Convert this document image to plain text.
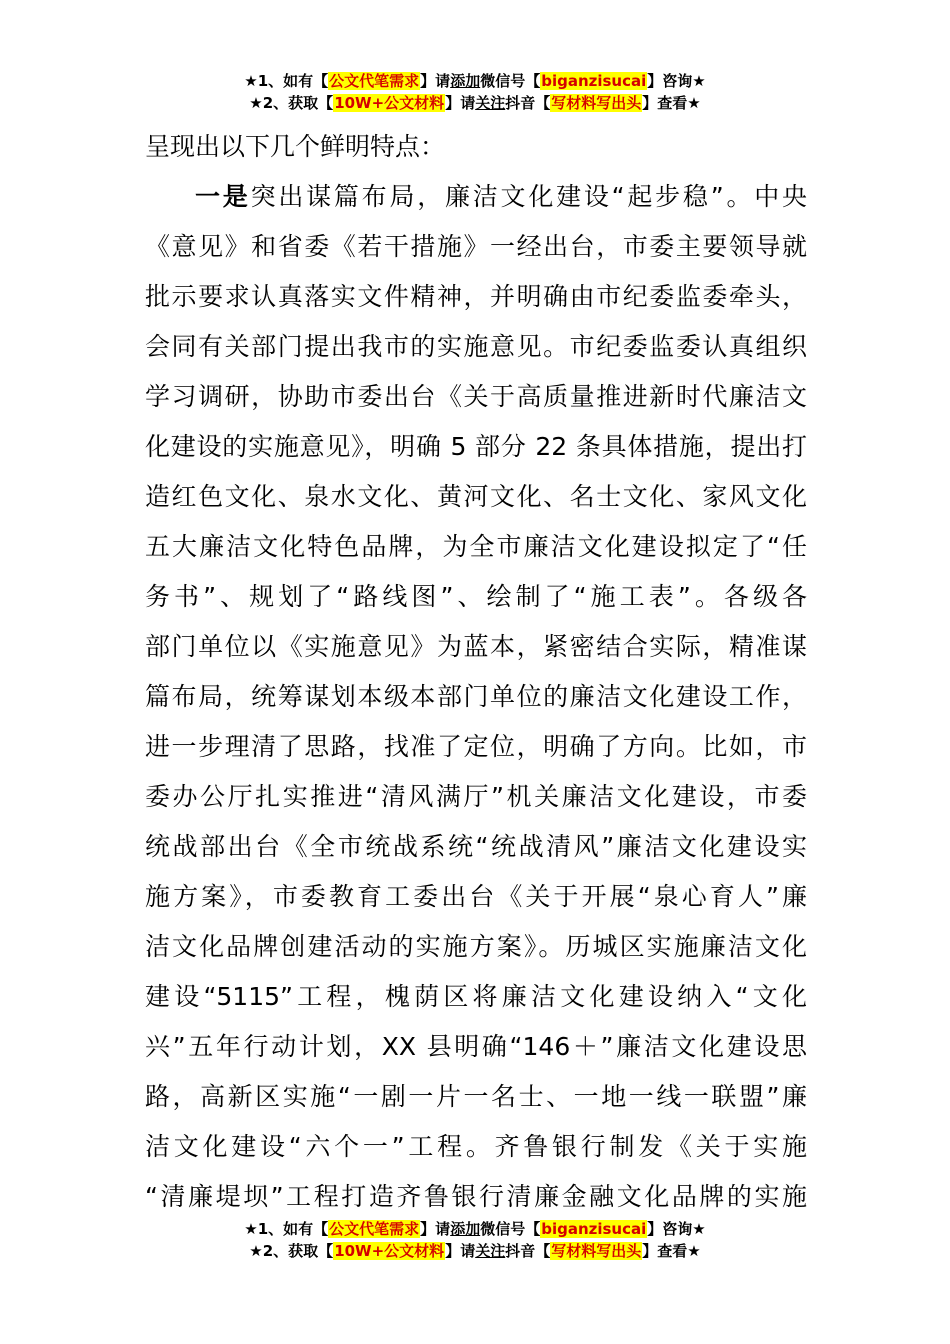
★1、如有【公文代笔需求】请添加微信号【biganzisucai】咨询★
★2、获取【10W+公文材料】请关注抖音【写材料写出头】查看★
呈现出以下几个鲜明特点：
一是突出谋篇布局，廉洁文化建设“起步稳”。中央
《意见》和省委《若干措施》一经出台，市委主要领导就
批示要求认真落实文件精神，并明确由市纪委监委牵头，
会同有关部门提出我市的实施意见。市纪委监委认真组织
学习调研，协助市委出台《关于高质量推进新时代廉洁文
化建设的实施意见》，明确 5 部分 22 条具体措施，提出打
造红色文化、泉水文化、黄河文化、名士文化、家风文化
五大廉洁文化特色品牌，为全市廉洁文化建设拟定了“任
务书”、规划了“路线图”、绘制了“施工表”。各级各
部门单位以《实施意见》为蓝本，紧密结合实际，精准谋
篇布局，统筹谋划本级本部门单位的廉洁文化建设工作，
进一步理清了思路，找准了定位，明确了方向。比如，市
委办公厅扎实推进“清风满厅”机关廉洁文化建设，市委
统战部出台《全市统战系统“统战清风”廉洁文化建设实
施方案》，市委教育工委出台《关于开展“泉心育人”廉
洁文化品牌创建活动的实施方案》。历城区实施廉洁文化
建设“5115”工程，槐荫区将廉洁文化建设纳入“文化
兴”五年行动计划，XX 县明确“146＋”廉洁文化建设思
路，高新区实施“一剧一片一名士、一地一线一联盟”廉
洁文化建设“六个一”工程。齐鲁银行制发《关于实施
“清廉堤坝”工程打造齐鲁银行清廉金融文化品牌的实施
★1、如有【公文代笔需求】请添加微信号【biganzisucai】咨询★
★2、获取【10W+公文材料】请关注抖音【写材料写出头】查看★
